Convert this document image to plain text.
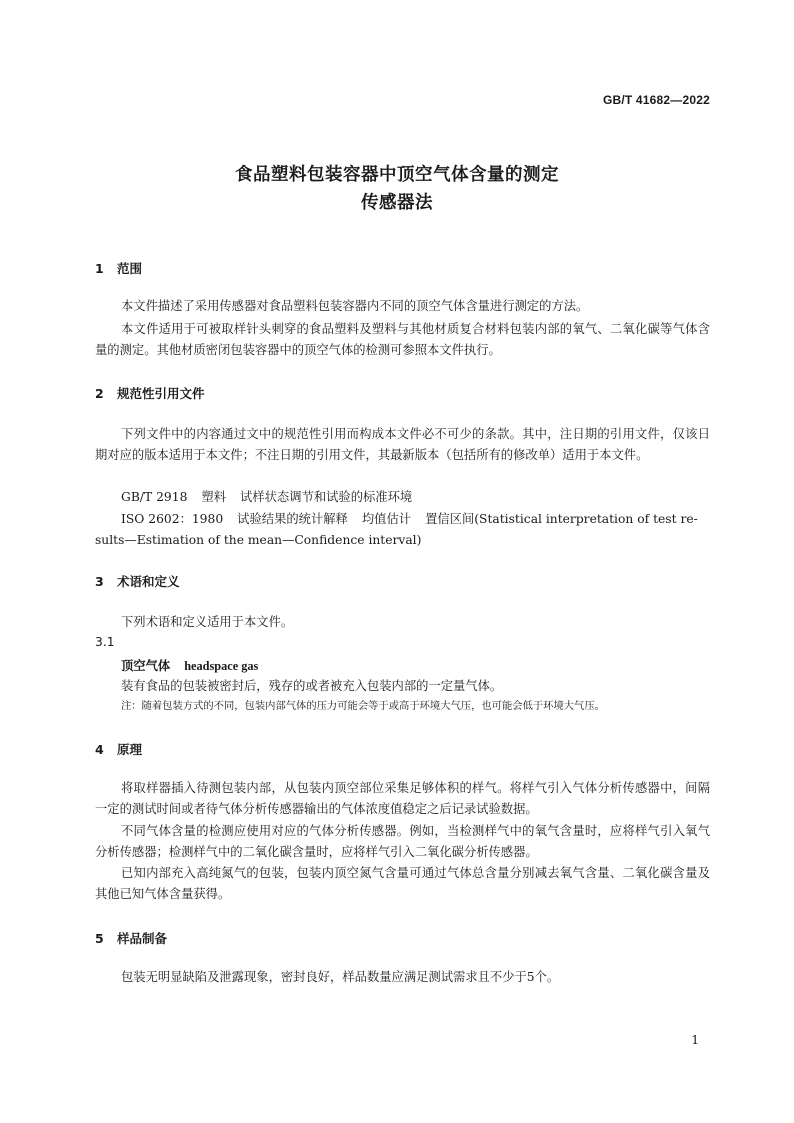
GB/T 41682—2022
食品塑料包装容器中顶空气体含量的测定
传感器法
1 范围
本文件描述了采用传感器对食品塑料包装容器内不同的顶空气体含量进行测定的方法。
本文件适用于可被取样针头刺穿的食品塑料及塑料与其他材质复合材料包装内部的氧气、二氧化碳等气体含量的测定。其他材质密闭包装容器中的顶空气体的检测可参照本文件执行。
2 规范性引用文件
下列文件中的内容通过文中的规范性引用而构成本文件必不可少的条款。其中，注日期的引用文件，仅该日期对应的版本适用于本文件；不注日期的引用文件，其最新版本（包括所有的修改单）适用于本文件。
GB/T 2918 塑料 试样状态调节和试验的标准环境
ISO 2602：1980 试验结果的统计解释 均值估计 置信区间(Statistical interpretation of test re-
sults—Estimation of the mean—Confidence interval)
3 术语和定义
下列术语和定义适用于本文件。
3.1
顶空气体 headspace gas
装有食品的包装被密封后，残存的或者被充入包装内部的一定量气体。
注：随着包装方式的不同，包装内部气体的压力可能会等于或高于环境大气压，也可能会低于环境大气压。
4 原理
将取样器插入待测包装内部，从包装内顶空部位采集足够体积的样气。将样气引入气体分析传感器中，间隔一定的测试时间或者待气体分析传感器输出的气体浓度值稳定之后记录试验数据。
不同气体含量的检测应使用对应的气体分析传感器。例如，当检测样气中的氧气含量时，应将样气引入氧气分析传感器；检测样气中的二氧化碳含量时，应将样气引入二氧化碳分析传感器。
已知内部充入高纯氮气的包装，包装内顶空氮气含量可通过气体总含量分别减去氧气含量、二氧化碳含量及其他已知气体含量获得。
5 样品制备
包装无明显缺陷及泄露现象，密封良好，样品数量应满足测试需求且不少于5个。
1
